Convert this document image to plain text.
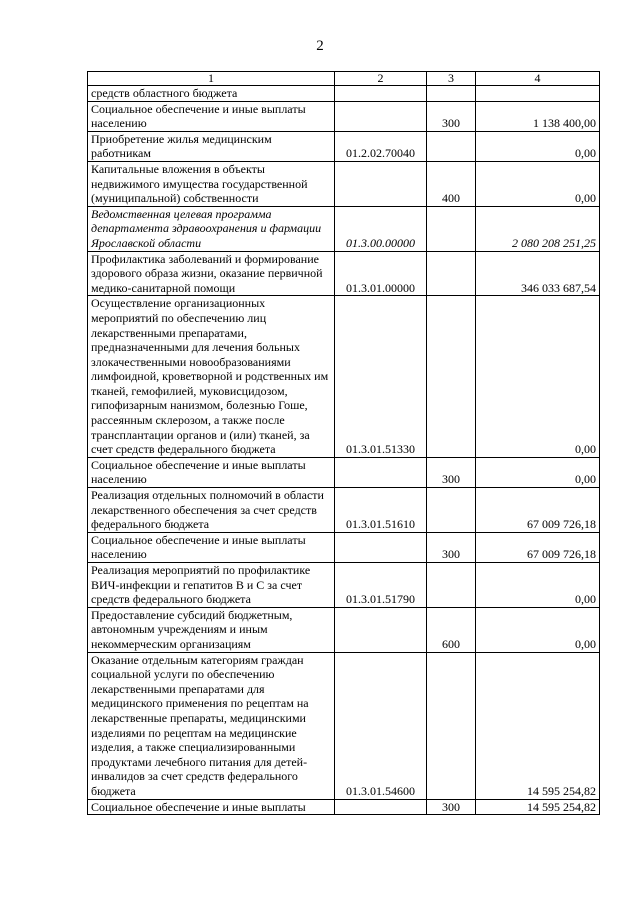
2
1	2	3	4
средств областного бюджета			
Социальное обеспечение и иные выплаты населению		300	1 138 400,00
Приобретение жилья медицинским работникам	01.2.02.70040		0,00
Капитальные вложения в объекты недвижимого имущества государственной (муниципальной) собственности		400	0,00
Ведомственная целевая программа департамента здравоохранения и фармации Ярославской области	01.3.00.00000		2 080 208 251,25
Профилактика заболеваний и формирование здорового образа жизни, оказание первичной медико-санитарной помощи	01.3.01.00000		346 033 687,54
Осуществление организационных мероприятий по обеспечению лиц лекарственными препаратами, предназначенными для лечения больных злокачественными новообразованиями лимфоидной, кроветворной и родственных им тканей, гемофилией, муковисцидозом, гипофизарным нанизмом, болезнью Гоше, рассеянным склерозом, а также после трансплантации органов и (или) тканей, за счет средств федерального бюджета	01.3.01.51330		0,00
Социальное обеспечение и иные выплаты населению		300	0,00
Реализация отдельных полномочий в области лекарственного обеспечения за счет средств федерального бюджета	01.3.01.51610		67 009 726,18
Социальное обеспечение и иные выплаты населению		300	67 009 726,18
Реализация мероприятий по профилактике ВИЧ-инфекции и гепатитов В и С за счет средств федерального бюджета	01.3.01.51790		0,00
Предоставление субсидий бюджетным, автономным учреждениям и иным некоммерческим организациям		600	0,00
Оказание отдельным категориям граждан социальной услуги по обеспечению лекарственными препаратами для медицинского применения по рецептам на лекарственные препараты, медицинскими изделиями по рецептам на медицинские изделия, а также специализированными продуктами лечебного питания для детей-инвалидов за счет средств федерального бюджета	01.3.01.54600		14 595 254,82
Социальное обеспечение и иные выплаты		300	14 595 254,82
